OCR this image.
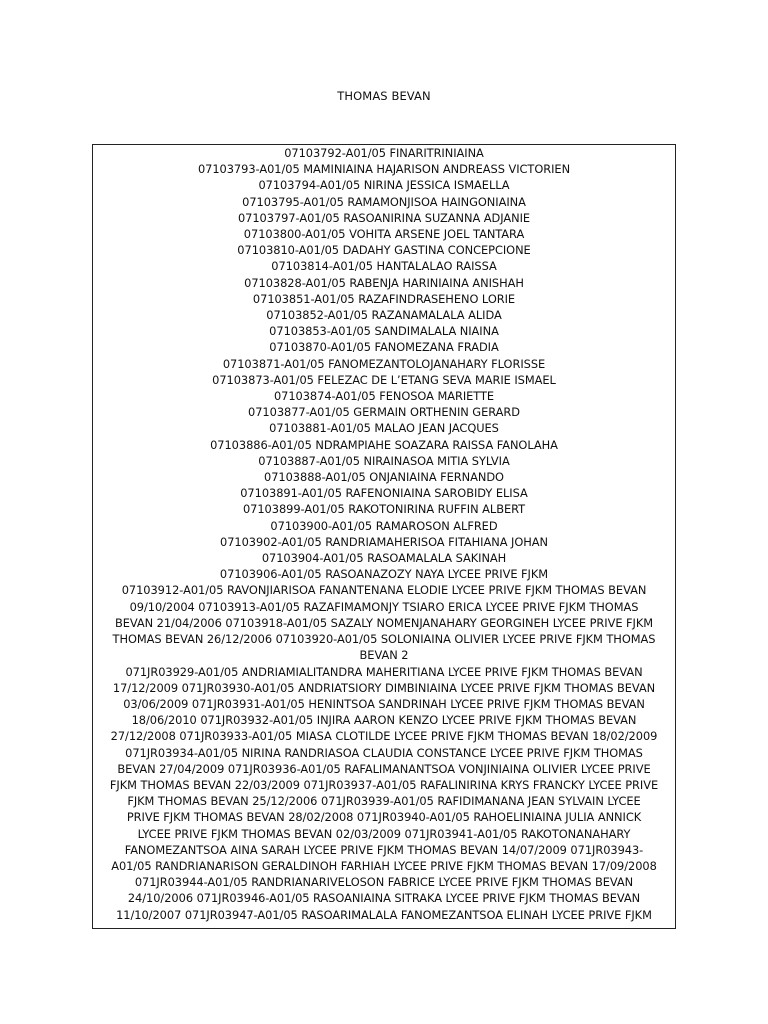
THOMAS BEVAN
07103792-A01/05 FINARITRINIAINA
07103793-A01/05 MAMINIAINA HAJARISON ANDREASS VICTORIEN
07103794-A01/05 NIRINA JESSICA ISMAELLA
07103795-A01/05 RAMAMONJISOA HAINGONIAINA
07103797-A01/05 RASOANIRINA SUZANNA ADJANIE
07103800-A01/05 VOHITA ARSENE JOEL TANTARA
07103810-A01/05 DADAHY GASTINA CONCEPCIONE
07103814-A01/05 HANTALALAO RAISSA
07103828-A01/05 RABENJA HARINIAINA ANISHAH
07103851-A01/05 RAZAFINDRASEHENO LORIE
07103852-A01/05 RAZANAMALALA ALIDA
07103853-A01/05 SANDIMALALA NIAINA
07103870-A01/05 FANOMEZANA FRADIA
07103871-A01/05 FANOMEZANTOLOJANAHARY FLORISSE
07103873-A01/05 FELEZAC DE L’ETANG SEVA MARIE ISMAEL
07103874-A01/05 FENOSOA MARIETTE
07103877-A01/05 GERMAIN ORTHENIN GERARD
07103881-A01/05 MALAO JEAN JACQUES
07103886-A01/05 NDRAMPIAHE SOAZARA RAISSA FANOLAHA
07103887-A01/05 NIRAINASOA MITIA SYLVIA
07103888-A01/05 ONJANIAINA FERNANDO
07103891-A01/05 RAFENONIAINA SAROBIDY ELISA
07103899-A01/05 RAKOTONIRINA RUFFIN ALBERT
07103900-A01/05 RAMAROSON ALFRED
07103902-A01/05 RANDRIAMAHERISOA FITAHIANA JOHAN
07103904-A01/05 RASOAMALALA SAKINAH
07103906-A01/05 RASOANAZOZY NAYA LYCEE PRIVE FJKM
07103912-A01/05 RAVONJIARISOA FANANTENANA ELODIE LYCEE PRIVE FJKM THOMAS BEVAN
09/10/2004 07103913-A01/05 RAZAFIMAMONJY TSIARO ERICA LYCEE PRIVE FJKM THOMAS
BEVAN 21/04/2006 07103918-A01/05 SAZALY NOMENJANAHARY GEORGINEH LYCEE PRIVE FJKM
THOMAS BEVAN 26/12/2006 07103920-A01/05 SOLONIAINA OLIVIER LYCEE PRIVE FJKM THOMAS
BEVAN 2
071JR03929-A01/05 ANDRIAMIALITANDRA MAHERITIANA LYCEE PRIVE FJKM THOMAS BEVAN
17/12/2009 071JR03930-A01/05 ANDRIATSIORY DIMBINIAINA LYCEE PRIVE FJKM THOMAS BEVAN
03/06/2009 071JR03931-A01/05 HENINTSOA SANDRINAH LYCEE PRIVE FJKM THOMAS BEVAN
18/06/2010 071JR03932-A01/05 INJIRA AARON KENZO LYCEE PRIVE FJKM THOMAS BEVAN
27/12/2008 071JR03933-A01/05 MIASA CLOTILDE LYCEE PRIVE FJKM THOMAS BEVAN 18/02/2009
071JR03934-A01/05 NIRINA RANDRIASOA CLAUDIA CONSTANCE LYCEE PRIVE FJKM THOMAS
BEVAN 27/04/2009 071JR03936-A01/05 RAFALIMANANTSOA VONJINIAINA OLIVIER LYCEE PRIVE
FJKM THOMAS BEVAN 22/03/2009 071JR03937-A01/05 RAFALINIRINA KRYS FRANCKY LYCEE PRIVE
FJKM THOMAS BEVAN 25/12/2006 071JR03939-A01/05 RAFIDIMANANA JEAN SYLVAIN LYCEE
PRIVE FJKM THOMAS BEVAN 28/02/2008 071JR03940-A01/05 RAHOELINIAINA JULIA ANNICK
LYCEE PRIVE FJKM THOMAS BEVAN 02/03/2009 071JR03941-A01/05 RAKOTONANAHARY
FANOMEZANTSOA AINA SARAH LYCEE PRIVE FJKM THOMAS BEVAN 14/07/2009 071JR03943-
A01/05 RANDRIANARISON GERALDINOH FARHIAH LYCEE PRIVE FJKM THOMAS BEVAN 17/09/2008
071JR03944-A01/05 RANDRIANARIVELOSON FABRICE LYCEE PRIVE FJKM THOMAS BEVAN
24/10/2006 071JR03946-A01/05 RASOANIAINA SITRAKA LYCEE PRIVE FJKM THOMAS BEVAN
11/10/2007 071JR03947-A01/05 RASOARIMALALA FANOMEZANTSOA ELINAH LYCEE PRIVE FJKM
